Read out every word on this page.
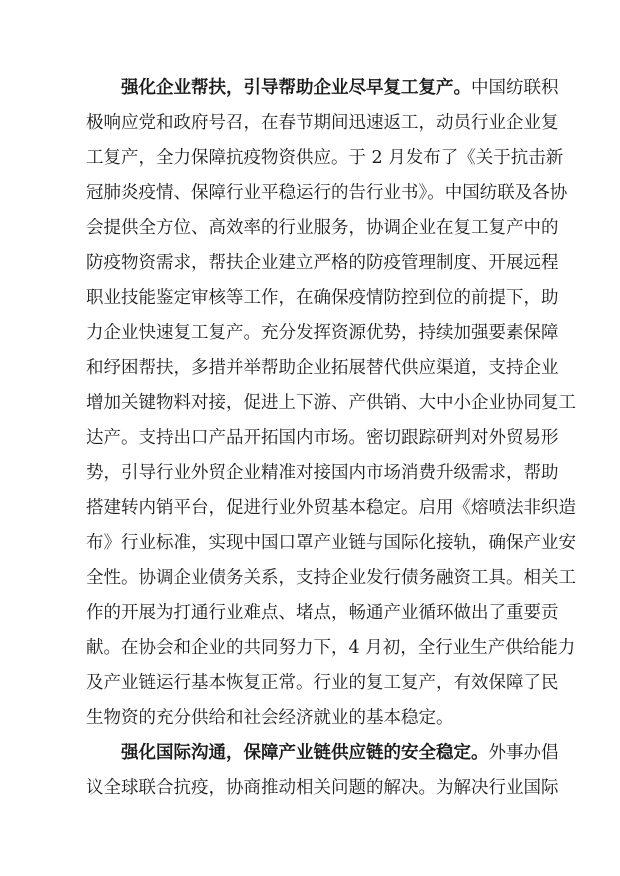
强化企业帮扶，引导帮助企业尽早复工复产。中国纺联积
极响应党和政府号召，在春节期间迅速返工，动员行业企业复
工复产，全力保障抗疫物资供应。于 2 月发布了《关于抗击新
冠肺炎疫情、保障行业平稳运行的告行业书》。中国纺联及各协
会提供全方位、高效率的行业服务，协调企业在复工复产中的
防疫物资需求，帮扶企业建立严格的防疫管理制度、开展远程
职业技能鉴定审核等工作，在确保疫情防控到位的前提下，助
力企业快速复工复产。充分发挥资源优势，持续加强要素保障
和纾困帮扶，多措并举帮助企业拓展替代供应渠道，支持企业
增加关键物料对接，促进上下游、产供销、大中小企业协同复工
达产。支持出口产品开拓国内市场。密切跟踪研判对外贸易形
势，引导行业外贸企业精准对接国内市场消费升级需求，帮助
搭建转内销平台，促进行业外贸基本稳定。启用《熔喷法非织造
布》行业标准，实现中国口罩产业链与国际化接轨，确保产业安
全性。协调企业债务关系，支持企业发行债务融资工具。相关工
作的开展为打通行业难点、堵点，畅通产业循环做出了重要贡
献。在协会和企业的共同努力下，4 月初，全行业生产供给能力
及产业链运行基本恢复正常。行业的复工复产，有效保障了民
生物资的充分供给和社会经济就业的基本稳定。
强化国际沟通，保障产业链供应链的安全稳定。外事办倡
议全球联合抗疫，协商推动相关问题的解决。为解决行业国际
